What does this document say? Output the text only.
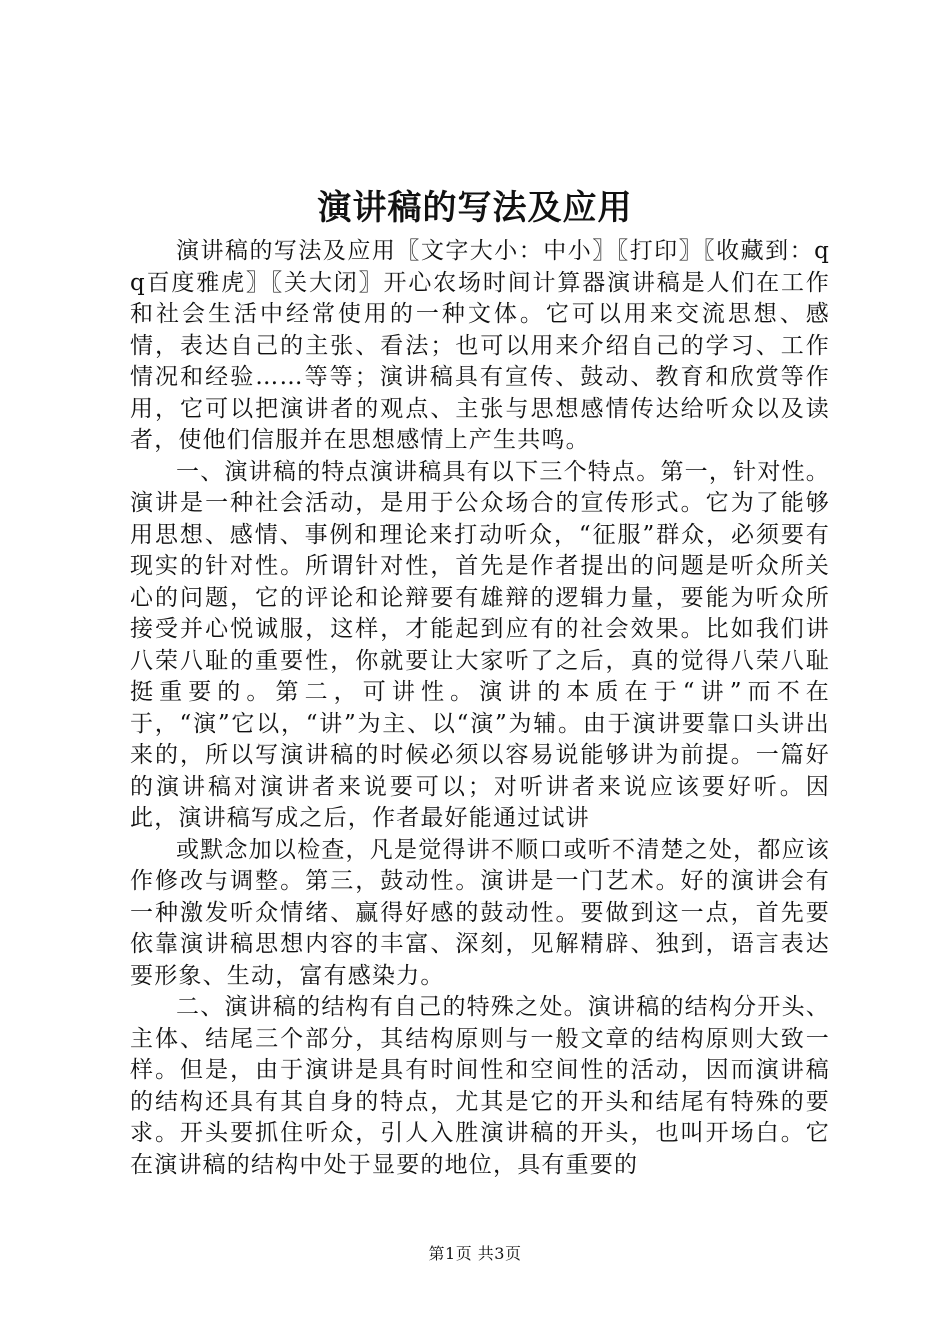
演讲稿的写法及应用

演讲稿的写法及应用〖文字大小：中小〗〖打印〗〖收藏到：qq百度雅虎〗〖关大闭〗开心农场时间计算器演讲稿是人们在工作和社会生活中经常使用的一种文体。它可以用来交流思想、感情，表达自己的主张、看法；也可以用来介绍自己的学习、工作情况和经验……等等；演讲稿具有宣传、鼓动、教育和欣赏等作用，它可以把演讲者的观点、主张与思想感情传达给听众以及读者，使他们信服并在思想感情上产生共鸣。

一、演讲稿的特点演讲稿具有以下三个特点。第一，针对性。演讲是一种社会活动，是用于公众场合的宣传形式。它为了能够用思想、感情、事例和理论来打动听众，“征服”群众，必须要有现实的针对性。所谓针对性，首先是作者提出的问题是听众所关心的问题，它的评论和论辩要有雄辩的逻辑力量，要能为听众所接受并心悦诚服，这样，才能起到应有的社会效果。比如我们讲八荣八耻的重要性，你就要让大家听了之后，真的觉得八荣八耻挺重要的。第二，可讲性。演讲的本质在于“讲”而不在于，“演”它以，“讲”为主、以“演”为辅。由于演讲要靠口头讲出来的，所以写演讲稿的时候必须以容易说能够讲为前提。一篇好的演讲稿对演讲者来说要可以；对听讲者来说应该要好听。因此，演讲稿写成之后，作者最好能通过试讲

或默念加以检查，凡是觉得讲不顺口或听不清楚之处，都应该作修改与调整。第三，鼓动性。演讲是一门艺术。好的演讲会有一种激发听众情绪、赢得好感的鼓动性。要做到这一点，首先要依靠演讲稿思想内容的丰富、深刻，见解精辟、独到，语言表达要形象、生动，富有感染力。

二、演讲稿的结构有自己的特殊之处。演讲稿的结构分开头、主体、结尾三个部分，其结构原则与一般文章的结构原则大致一样。但是，由于演讲是具有时间性和空间性的活动，因而演讲稿的结构还具有其自身的特点，尤其是它的开头和结尾有特殊的要求。开头要抓住听众，引人入胜演讲稿的开头，也叫开场白。它在演讲稿的结构中处于显要的地位，具有重要的

第1页 共3页
